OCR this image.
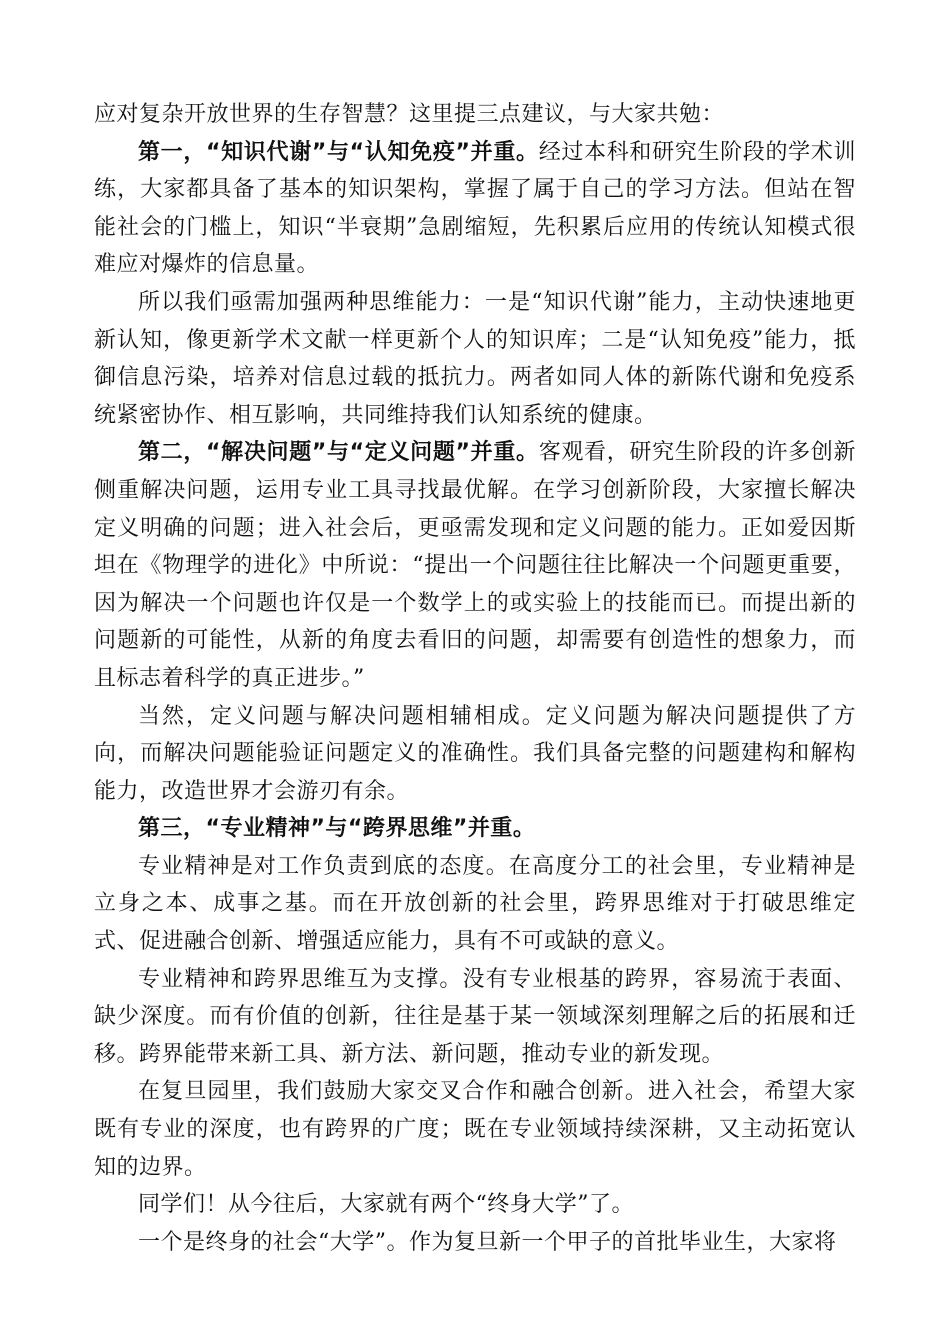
应对复杂开放世界的生存智慧？这里提三点建议，与大家共勉：

第一，“知识代谢”与“认知免疫”并重。经过本科和研究生阶段的学术训练，大家都具备了基本的知识架构，掌握了属于自己的学习方法。但站在智能社会的门槛上，知识“半衰期”急剧缩短，先积累后应用的传统认知模式很难应对爆炸的信息量。

所以我们亟需加强两种思维能力：一是“知识代谢”能力，主动快速地更新认知，像更新学术文献一样更新个人的知识库；二是“认知免疫”能力，抵御信息污染，培养对信息过载的抵抗力。两者如同人体的新陈代谢和免疫系统紧密协作、相互影响，共同维持我们认知系统的健康。

第二，“解决问题”与“定义问题”并重。客观看，研究生阶段的许多创新侧重解决问题，运用专业工具寻找最优解。在学习创新阶段，大家擅长解决定义明确的问题；进入社会后，更亟需发现和定义问题的能力。正如爱因斯坦在《物理学的进化》中所说：“提出一个问题往往比解决一个问题更重要，因为解决一个问题也许仅是一个数学上的或实验上的技能而已。而提出新的问题新的可能性，从新的角度去看旧的问题，却需要有创造性的想象力，而且标志着科学的真正进步。”

当然，定义问题与解决问题相辅相成。定义问题为解决问题提供了方向，而解决问题能验证问题定义的准确性。我们具备完整的问题建构和解构能力，改造世界才会游刃有余。

第三，“专业精神”与“跨界思维”并重。

专业精神是对工作负责到底的态度。在高度分工的社会里，专业精神是立身之本、成事之基。而在开放创新的社会里，跨界思维对于打破思维定式、促进融合创新、增强适应能力，具有不可或缺的意义。

专业精神和跨界思维互为支撑。没有专业根基的跨界，容易流于表面、缺少深度。而有价值的创新，往往是基于某一领域深刻理解之后的拓展和迁移。跨界能带来新工具、新方法、新问题，推动专业的新发现。

在复旦园里，我们鼓励大家交叉合作和融合创新。进入社会，希望大家既有专业的深度，也有跨界的广度；既在专业领域持续深耕，又主动拓宽认知的边界。

同学们！从今往后，大家就有两个“终身大学”了。

一个是终身的社会“大学”。作为复旦新一个甲子的首批毕业生，大家将
